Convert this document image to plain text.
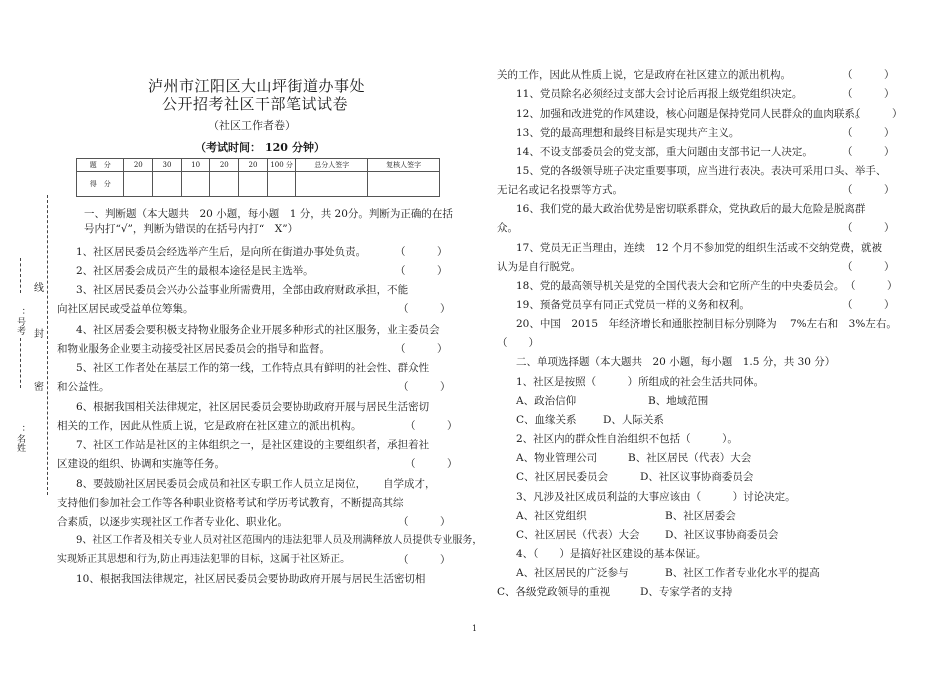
线
封
密
：号考
：名姓
泸州市江阳区大山坪街道办事处
公开招考社区干部笔试试卷
（社区工作者卷）
（考试时间： 120 分钟）
题　分	20	30	10	20	20	100 分	总分人签字	复核人签字
得　分								
一、判断题（本大题共　20 小题，每小题　1 分，共 20分。判断为正确的在括
号内打“√”，判断为错误的在括号内打“　X”）
1、社区居民委员会经选举产生后，是向所在街道办事处负责。	（　　　）
2、社区居委会成员产生的最根本途径是民主选举。	（　　　）
3、社区居民委员会兴办公益事业所需费用，全部由政府财政承担，不能
向社区居民或受益单位筹集。	（　　　）
4、社区居委会要积极支持物业服务企业开展多种形式的社区服务，业主委员会
和物业服务企业要主动接受社区居民委员会的指导和监督。	（　　　）
5、社区工作者处在基层工作的第一线，工作特点具有鲜明的社会性、群众性
和公益性。	（　　　）
6、根据我国相关法律规定，社区居民委员会要协助政府开展与居民生活密切
相关的工作，因此从性质上说，它是政府在社区建立的派出机构。	（　　　）
7、社区工作站是社区的主体组织之一，是社区建设的主要组织者，承担着社
区建设的组织、协调和实施等任务。	（　　　）
8、要鼓励社区居民委员会成员和社区专职工作人员立足岗位， 自学成才，
支持他们参加社会工作等各种职业资格考试和学历考试教育，不断提高其综
合素质，以逐步实现社区工作者专业化、职业化。	（　　　）
9、社区工作者及相关专业人员对社区范围内的违法犯罪人员及刑满释放人员提供专业服务，
实现矫正其思想和行为,防止再违法犯罪的目标，这属于社区矫正。	（　　　）
10、根据我国法律规定，社区居民委员会要协助政府开展与居民生活密切相
关的工作，因此从性质上说，它是政府在社区建立的派出机构。	（　　　）
11、党员除名必须经过支部大会讨论后再报上级党组织决定。	（　　　）
12、加强和改进党的作风建设，核心问题是保持党同人民群众的血肉联系。
（　　　）
13、党的最高理想和最终目标是实现共产主义。	（　　　）
14、不设支部委员会的党支部，重大问题由支部书记一人决定。	（　　　）
15、党的各级领导班子决定重要事项，应当进行表决。表决可采用口头、举手、
无记名或记名投票等方式。	（　　　）
16、我们党的最大政治优势是密切联系群众，党执政后的最大危险是脱离群
众。	（　　　）
17、党员无正当理由，连续　12 个月不参加党的组织生活或不交纳党费，就被
认为是自行脱党。	（　　　）
18、党的最高领导机关是党的全国代表大会和它所产生的中央委员会。 （　　　）
19、预备党员享有同正式党员一样的义务和权利。	（　　　）
20、中国　2015　年经济增长和通胀控制目标分别降为 7%左右和　3%左右。
（　　）
二、单项选择题（本大题共　20 小题，每小题　1.5 分，共 30 分）
1、社区是按照（　　　）所组成的社会生活共同体。
A、政治信仰	B、地域范围
C、血缘关系	D、人际关系
2、社区内的群众性自治组织不包括（　　　）。
A、物业管理公司	B、社区居民（代表）大会
C、社区居民委员会	D、社区议事协商委员会
3、凡涉及社区成员利益的大事应该由（　　　）讨论决定。
A、社区党组织	B、社区居委会
C、社区居民（代表）大会 D、社区议事协商委员会
4、（　　）是搞好社区建设的基本保证。
A、社区居民的广泛参与	B、社区工作者专业化水平的提高
C、各级党政领导的重视	D、专家学者的支持
1
